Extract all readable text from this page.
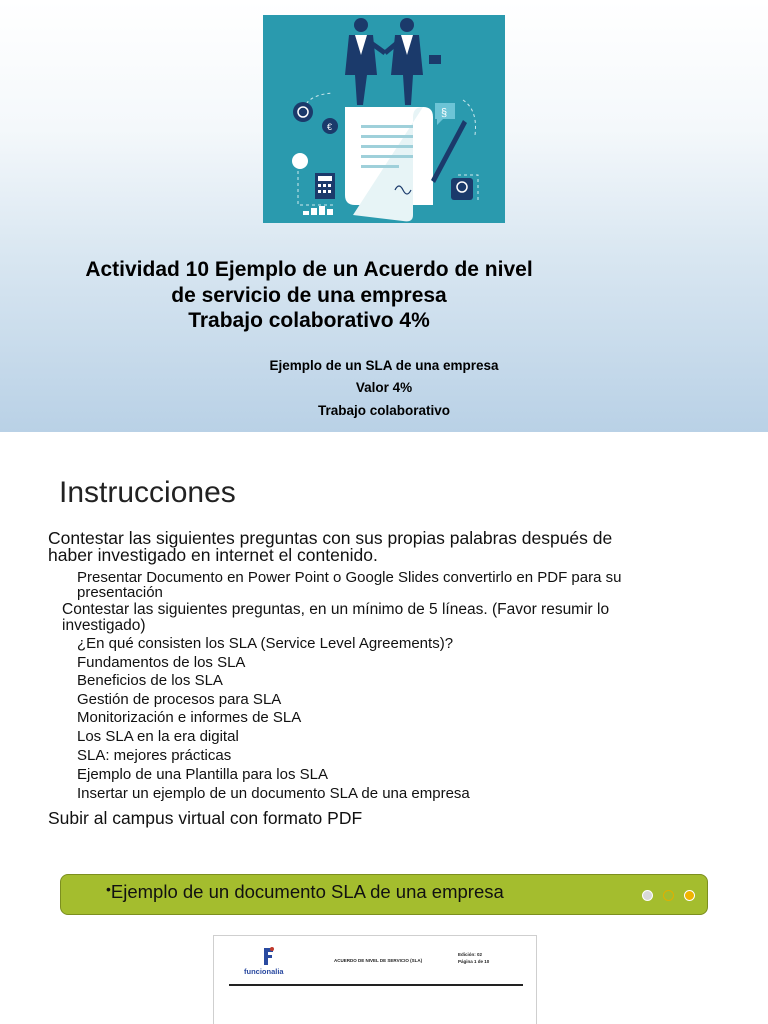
€
§
Actividad 10 Ejemplo de un Acuerdo de nivel
de servicio de una empresa
Trabajo colaborativo 4%
Ejemplo de un SLA de una empresa
Valor 4%
Trabajo colaborativo
Instrucciones
Contestar las siguientes preguntas con sus propias palabras después de
haber investigado en internet el contenido.
Presentar Documento en Power Point o Google Slides convertirlo en PDF para su
presentación
Contestar las siguientes preguntas, en un mínimo de 5 líneas. (Favor resumir lo
investigado)
¿En qué consisten los SLA (Service Level Agreements)?
Fundamentos de los SLA
Beneficios de los SLA
Gestión de procesos para SLA
Monitorización e informes de SLA
Los SLA en la era digital
SLA: mejores prácticas
Ejemplo de una Plantilla para los SLA
Insertar un ejemplo de un documento SLA de una empresa
Subir al campus virtual con formato PDF
•Ejemplo de un documento SLA de una empresa
funcionalia
ACUERDO DE NIVEL DE SERVICIO (SLA)
Edición: 02
Página 1 de 10
